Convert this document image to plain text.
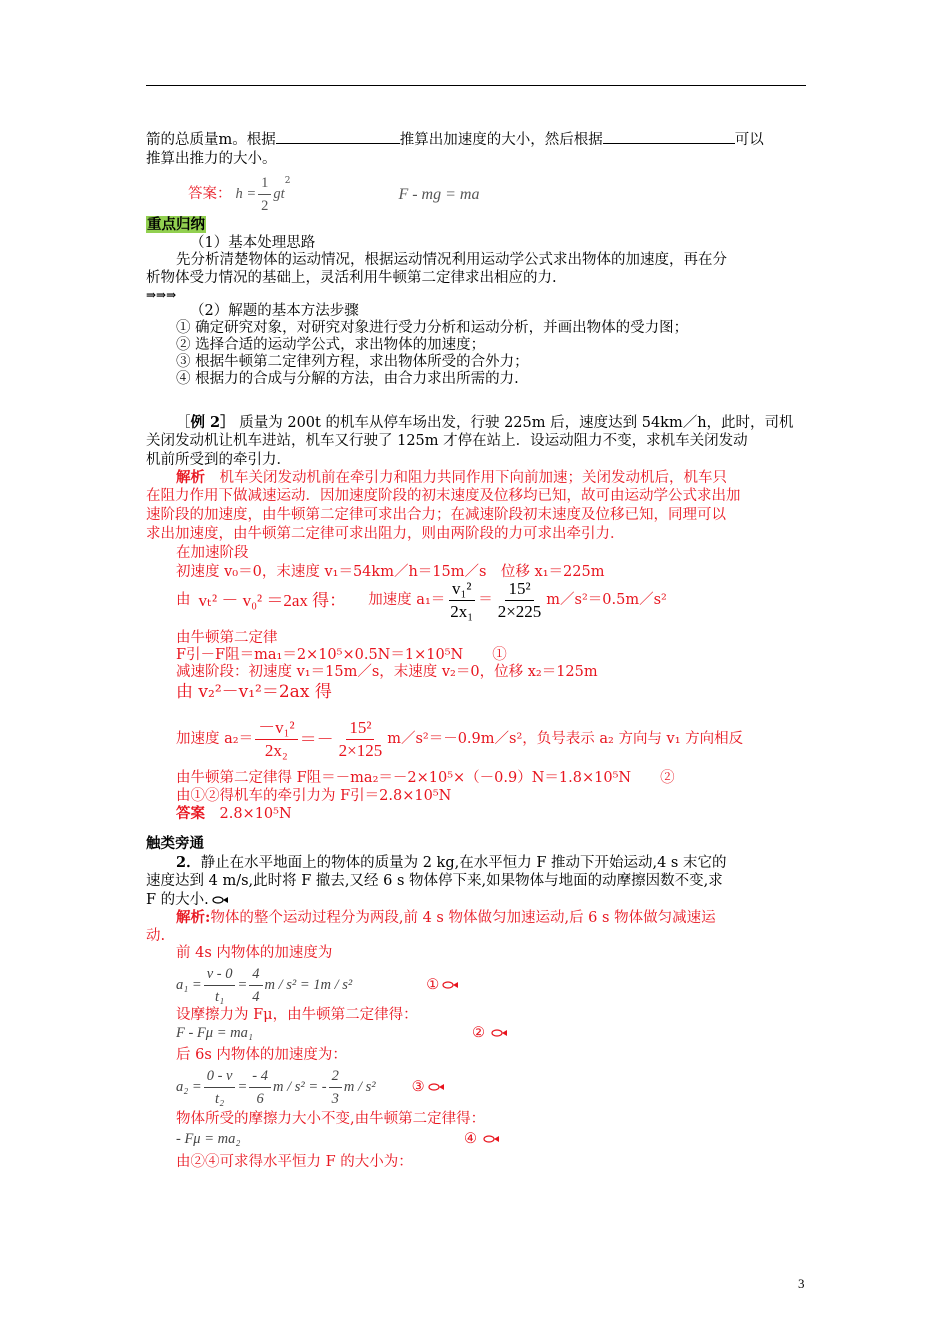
箭的总质量m。根据	推算出加速度的大小，然后根据	可以
推算出推力的大小。
答案： $h = \frac{1}{2}$ gt
$^2$
F - mg = ma
重点归纳
（1）基本处理思路
先分析清楚物体的运动情况，根据运动情况利用运动学公式求出物体的加速度，再在分
析物体受力情况的基础上，灵活利用牛顿第二定律求出相应的力.
⇒⇒⇒
（2）解题的基本方法步骤
① 确定研究对象，对研究对象进行受力分析和运动分析，并画出物体的受力图；
② 选择合适的运动学公式，求出物体的加速度；
③ 根据牛顿第二定律列方程，求出物体所受的合外力；
④ 根据力的合成与分解的方法，由合力求出所需的力.
［例 2］ 质量为 200t 的机车从停车场出发，行驶 225m 后，速度达到 54km／h，此时，司机
关闭发动机让机车进站，机车又行驶了 125m 才停在站上．设运动阻力不变，求机车关闭发动
机前所受到的牵引力．
解析　 机车关闭发动机前在牵引力和阻力共同作用下向前加速；关闭发动机后，机车只
在阻力作用下做减速运动．因加速度阶段的初末速度及位移均已知，故可由运动学公式求出加
速阶段的加速度，由牛顿第二定律可求出合力；在减速阶段初末速度及位移已知，同理可以
求出加速度，由牛顿第二定律可求出阻力，则由两阶段的力可求出牵引力．
在加速阶段
初速度 v₀＝0，末速度 v₁＝54km／h＝15m／s　位移 x₁＝225m
由 vₜ² － v₀² ＝2ax 得： 加速度 $a_1= \frac{\text{v₁²}}{\text{2x₁}} = \frac{\text{15²}}{2\times 225}$ m／s²＝0.5m／s²
由牛顿第二定律
F引－F阻＝ma₁＝2×10⁵×0.5N＝1×10⁵N　　①
减速阶段：初速度 v₁＝15m／s，末速度 v₂＝0，位移 x₂＝125m
由 v₂²－v₁²＝2ax 得
加速度 $a_2= \frac{\text{－v₁²}}{\text{2x₂}} =- \frac{\text{15²}}{2\times 125}$ m／s²＝－0.9m／s²，负号表示 a₂ 方向与 v₁ 方向相反
由牛顿第二定律得 F阻＝－ma₂＝－2×10⁵×（－0.9）N＝1.8×10⁵N　　②
由①②得机车的牵引力为 F引＝2.8×10⁵N
答案　 2.8×10⁵N
触类旁通
2．静止在水平地面上的物体的质量为 2 kg,在水平恒力 F 推动下开始运动,4 s 末它的
速度达到 4 m/s,此时将 F 撤去,又经 6 s 物体停下来,如果物体与地面的动摩擦因数不变,求
F 的大小.
解析:物体的整个运动过程分为两段,前 4 s 物体做匀加速运动,后 6 s 物体做匀减速运
动.
前 4s 内物体的加速度为
$a_1 = \frac{v - 0}{\text{t₁}} = \frac{4}{4}$ m / s² = 1m / s²	①
设摩擦力为 Fμ，由牛顿第二定律得：
F - Fμ = ma₁	②
后 6s 内物体的加速度为：
$a_2 = \frac{0 - v}{\text{t₂}} = \frac{- 4}{6}$ m / s² = - $\frac{2}{3}$ m / s² ③
物体所受的摩擦力大小不变,由牛顿第二定律得：
- Fμ = ma₂	④
由②④可求得水平恒力 F 的大小为：
3
